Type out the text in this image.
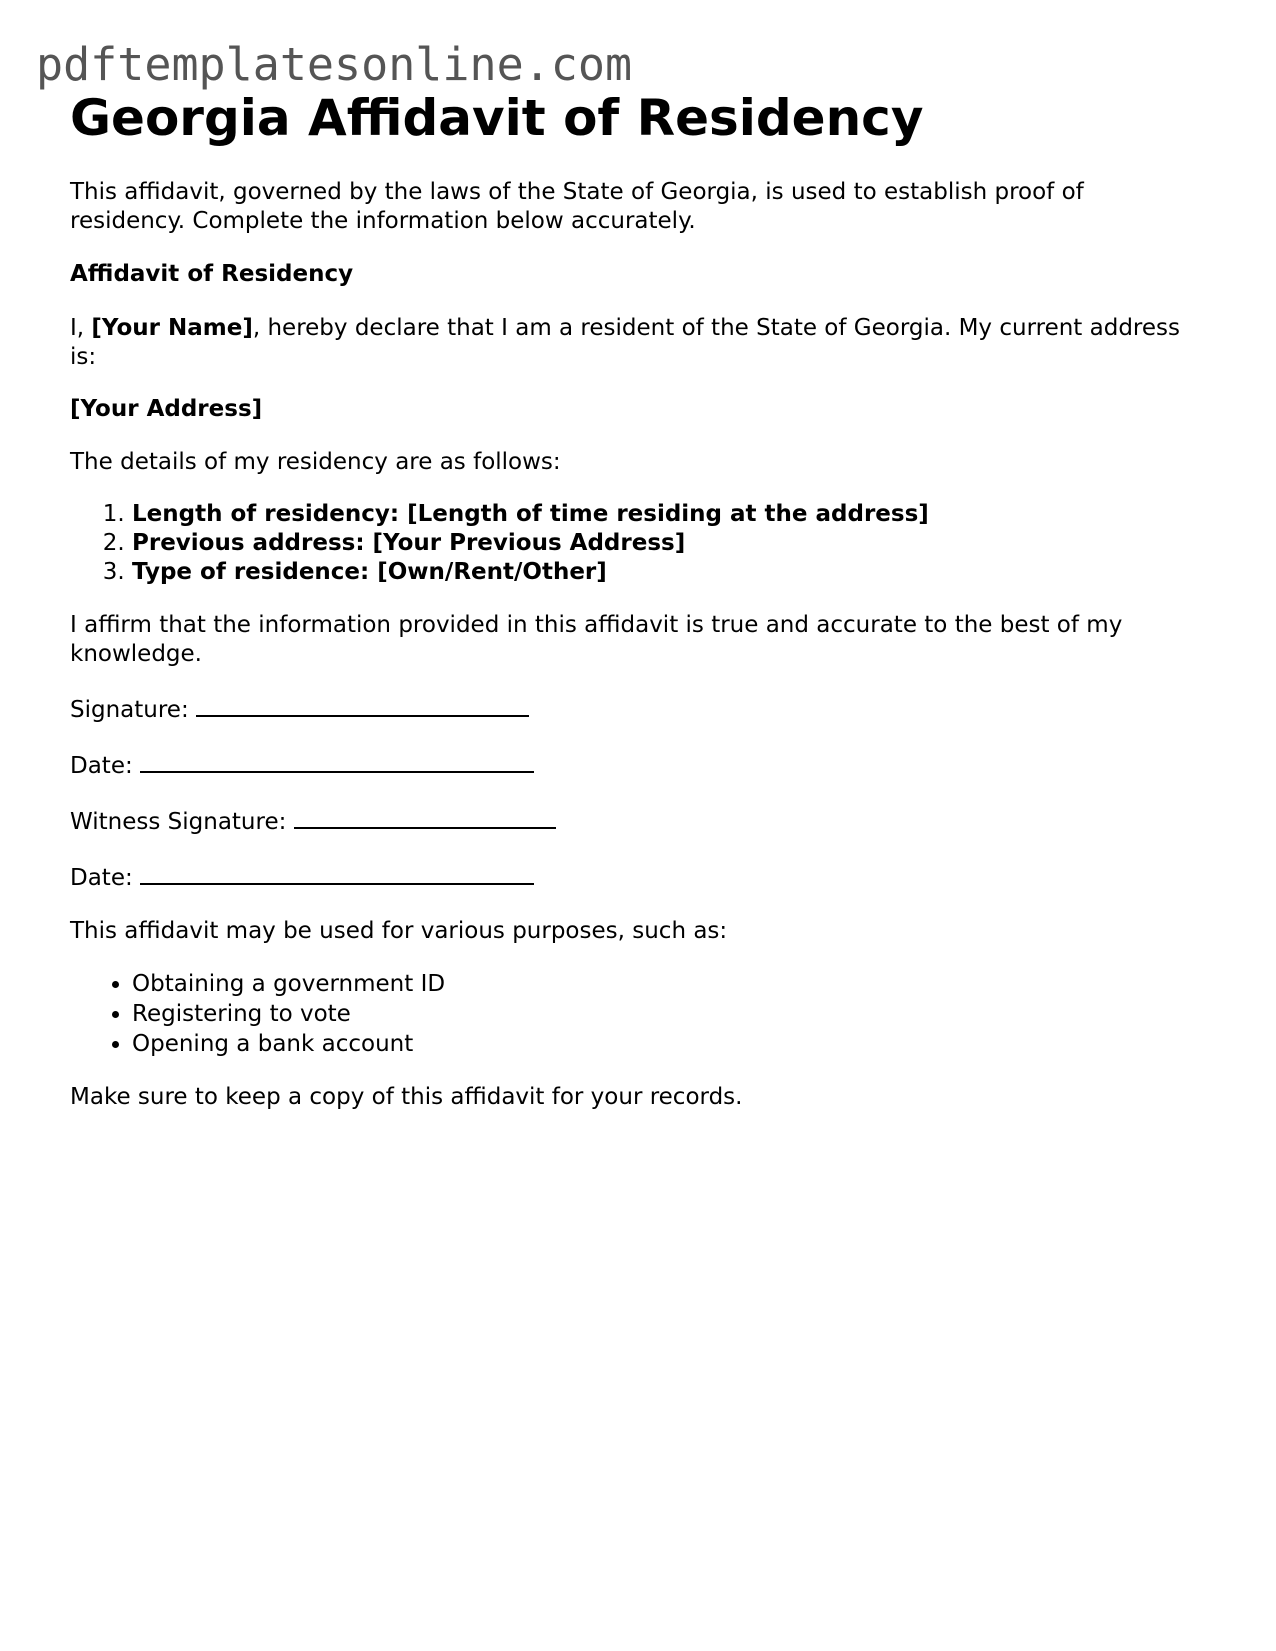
pdftemplatesonline.com
Georgia Affidavit of Residency

This affidavit, governed by the laws of the State of Georgia, is used to establish proof of residency. Complete the information below accurately.

Affidavit of Residency

I, [Your Name], hereby declare that I am a resident of the State of Georgia. My current address is:

[Your Address]

The details of my residency are as follows:

1. Length of residency: [Length of time residing at the address]
2. Previous address: [Your Previous Address]
3. Type of residence: [Own/Rent/Other]

I affirm that the information provided in this affidavit is true and accurate to the best of my knowledge.

Signature:

Date:

Witness Signature:

Date:

This affidavit may be used for various purposes, such as:

• Obtaining a government ID
• Registering to vote
• Opening a bank account

Make sure to keep a copy of this affidavit for your records.
